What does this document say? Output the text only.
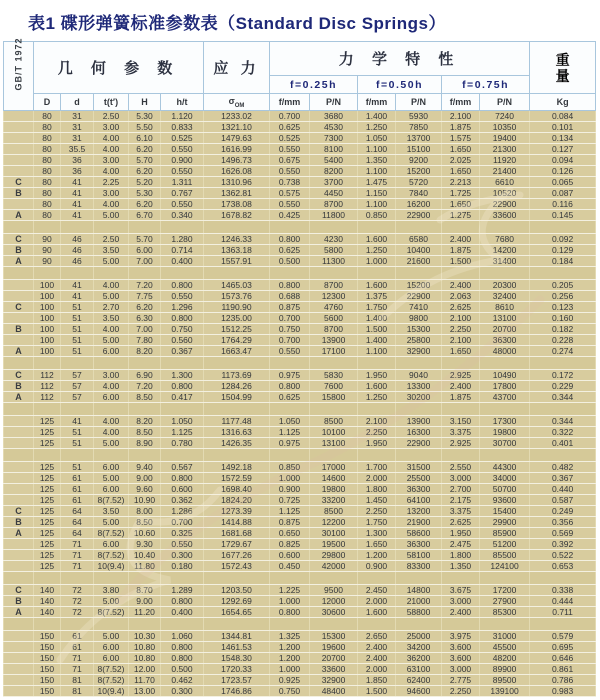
表1 碟形弹簧标准参数表（Standard Disc Springs）
GB/T 1972	几 何 参 数					应 力	力 学 特 性						重
量

							f=0.25h		f=0.50h		f=0.75h		
	D	d	t(t′)	H	h/t	$\sigma_{OM}$	f/mm	P/N	f/mm	P/N	f/mm	P/N	Kg
	80	31	2.50	5.30	1.120	1233.02	0.700	3680	1.400	5930	2.100	7240	0.084
	80	31	3.00	5.50	0.833	1321.10	0.625	4530	1.250	7850	1.875	10350	0.101
	80	31	4.00	6.10	0.525	1479.63	0.525	7300	1.050	13700	1.575	19400	0.134
	80	35.5	4.00	6.20	0.550	1616.99	0.550	8100	1.100	15100	1.650	21300	0.127
	80	36	3.00	5.70	0.900	1496.73	0.675	5400	1.350	9200	2.025	11920	0.094
	80	36	4.00	6.20	0.550	1626.08	0.550	8200	1.100	15200	1.650	21400	0.126
C	80	41	2.25	5.20	1.311	1310.96	0.738	3700	1.475	5720	2.213	6610	0.065
B	80	41	3.00	5.30	0.767	1362.81	0.575	4450	1.150	7840	1.725	10520	0.087
	80	41	4.00	6.20	0.550	1738.08	0.550	8700	1.100	16200	1.650	22900	0.116
A	80	41	5.00	6.70	0.340	1678.82	0.425	11800	0.850	22900	1.275	33600	0.145

C	90	46	2.50	5.70	1.280	1246.33	0.800	4230	1.600	6580	2.400	7680	0.092
B	90	46	3.50	6.00	0.714	1363.18	0.625	5800	1.250	10400	1.875	14200	0.129
A	90	46	5.00	7.00	0.400	1557.91	0.500	11300	1.000	21600	1.500	31400	0.184

	100	41	4.00	7.20	0.800	1465.03	0.800	8700	1.600	15200	2.400	20300	0.205
	100	41	5.00	7.75	0.550	1573.76	0.688	12300	1.375	22900	2.063	32400	0.256
C	100	51	2.70	6.20	1.296	1190.90	0.875	4760	1.750	7410	2.625	8610	0.123
	100	51	3.50	6.30	0.800	1235.00	0.700	5600	1.400	9800	2.100	13100	0.160
B	100	51	4.00	7.00	0.750	1512.25	0.750	8700	1.500	15300	2.250	20700	0.182
	100	51	5.00	7.80	0.560	1764.29	0.700	13900	1.400	25800	2.100	36300	0.228
A	100	51	6.00	8.20	0.367	1663.47	0.550	17100	1.100	32900	1.650	48000	0.274

C	112	57	3.00	6.90	1.300	1173.69	0.975	5830	1.950	9040	2.925	10490	0.172
B	112	57	4.00	7.20	0.800	1284.26	0.800	7600	1.600	13300	2.400	17800	0.229
A	112	57	6.00	8.50	0.417	1504.99	0.625	15800	1.250	30200	1.875	43700	0.344

	125	41	4.00	8.20	1.050	1177.48	1.050	8500	2.100	13900	3.150	17300	0.344
	125	51	4.00	8.50	1.125	1316.63	1.125	10100	2.250	16300	3.375	19800	0.322
	125	51	5.00	8.90	0.780	1426.35	0.975	13100	1.950	22900	2.925	30700	0.401

	125	51	6.00	9.40	0.567	1492.18	0.850	17000	1.700	31500	2.550	44300	0.482
	125	61	5.00	9.00	0.800	1572.59	1.000	14600	2.000	25500	3.000	34000	0.367
	125	61	6.00	9.60	0.600	1698.40	0.900	19800	1.800	36300	2.700	50700	0.440
	125	61	8(7.52)	10.90	0.362	1824.20	0.725	33200	1.450	64100	2.175	93600	0.587
C	125	64	3.50	8.00	1.286	1273.39	1.125	8500	2.250	13200	3.375	15400	0.249
B	125	64	5.00	8.50	0.700	1414.88	0.875	12200	1.750	21900	2.625	29900	0.356
A	125	64	8(7.52)	10.60	0.325	1681.68	0.650	30100	1.300	58600	1.950	85900	0.569
	125	71	6.00	9.30	0.550	1729.67	0.825	19500	1.650	36300	2.475	51200	0.392
	125	71	8(7.52)	10.40	0.300	1677.26	0.600	29800	1.200	58100	1.800	85500	0.522
	125	71	10(9.4)	11.80	0.180	1572.43	0.450	42000	0.900	83300	1.350	124100	0.653

C	140	72	3.80	8.70	1.289	1203.50	1.225	9500	2.450	14800	3.675	17200	0.338
B	140	72	5.00	9.00	0.800	1292.69	1.000	12000	2.000	21000	3.000	27900	0.444
A	140	72	8(7.52)	11.20	0.400	1654.65	0.800	30600	1.600	58800	2.400	85300	0.711

	150	61	5.00	10.30	1.060	1344.81	1.325	15300	2.650	25000	3.975	31000	0.579
	150	61	6.00	10.80	0.800	1461.53	1.200	19600	2.400	34200	3.600	45500	0.695
	150	71	6.00	10.80	0.800	1548.30	1.200	20700	2.400	36200	3.600	48200	0.646
	150	71	8(7.52)	12.00	0.500	1720.33	1.000	33600	2.000	63100	3.000	89900	0.861
	150	81	8(7.52)	11.70	0.462	1723.57	0.925	32900	1.850	62400	2.775	89500	0.786
	150	81	10(9.4)	13.00	0.300	1746.86	0.750	48400	1.500	94600	2.250	139100	0.983
